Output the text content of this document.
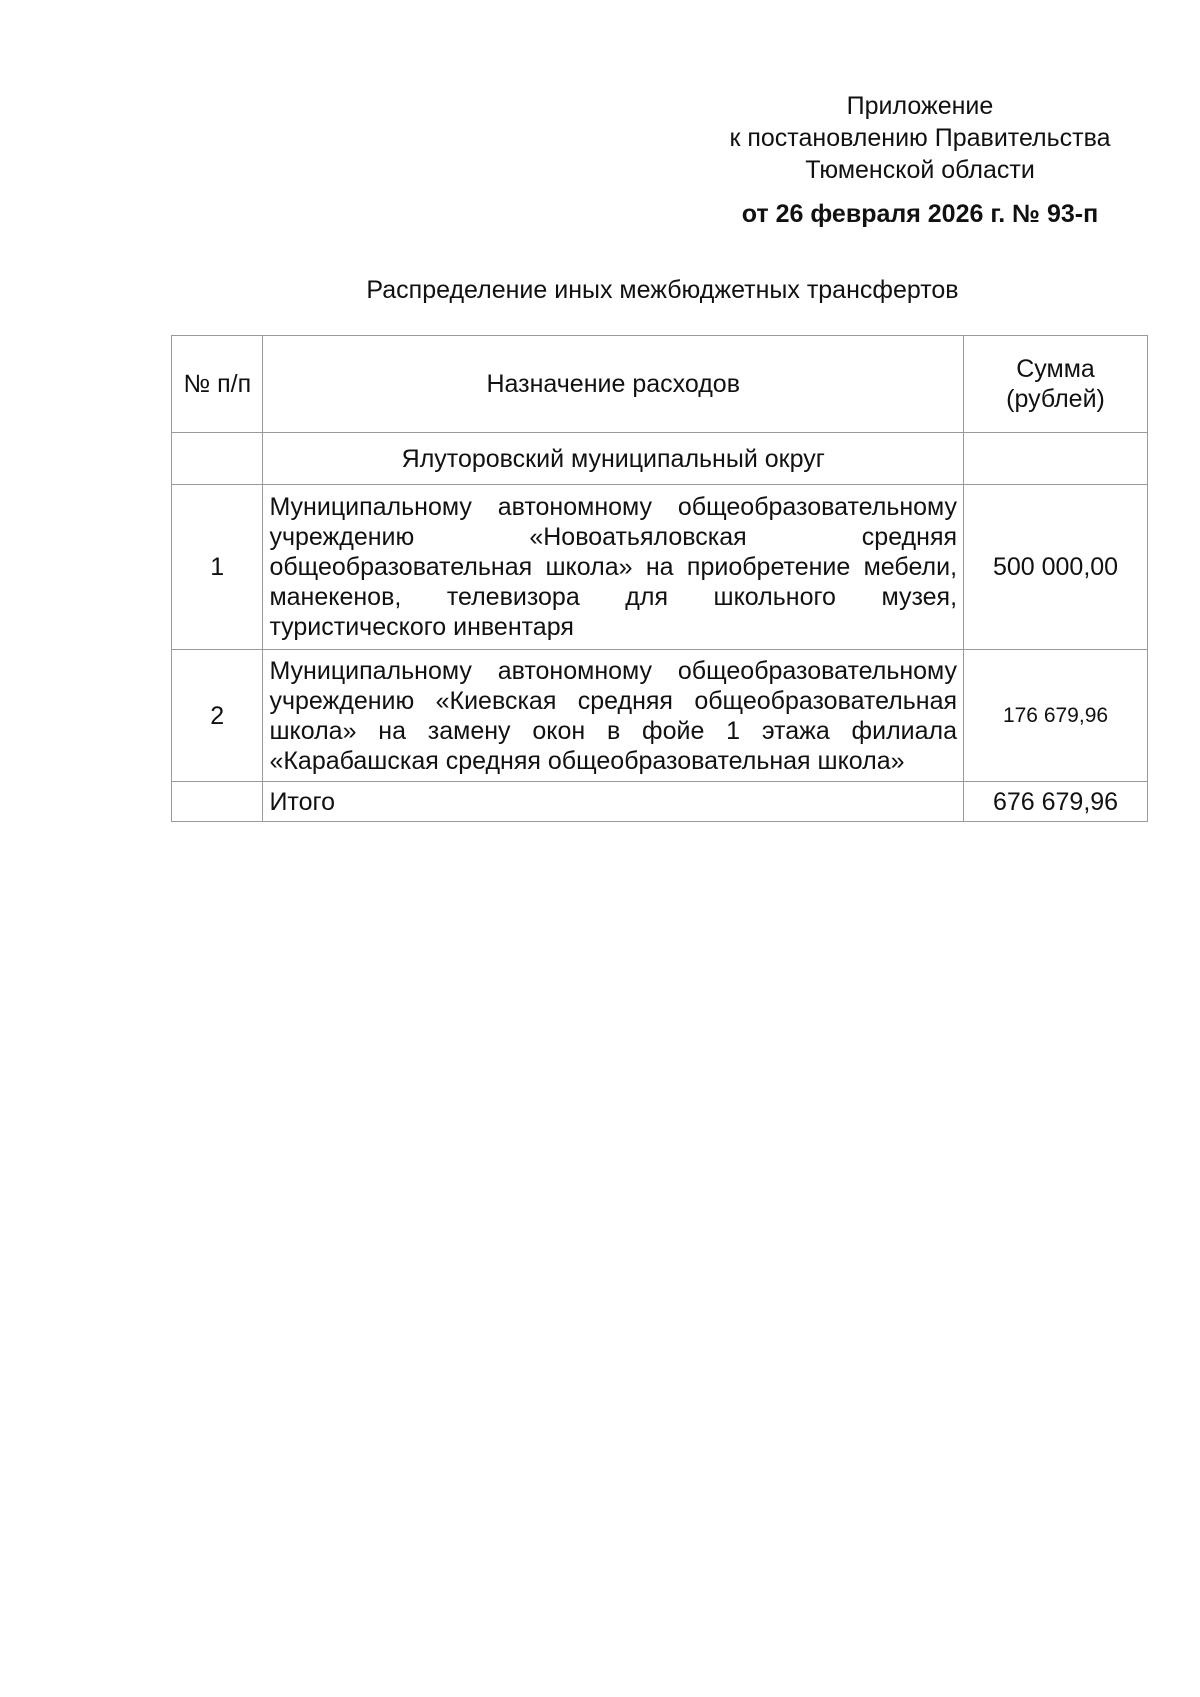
Приложение
к постановлению Правительства
Тюменской области
от 26 февраля 2026 г. № 93-п
Распределение иных межбюджетных трансфертов
№ п/п	Назначение расходов	Сумма (рублей)
	Ялуторовский муниципальный округ	
1	Муниципальному автономному общеобразовательному учреждению «Новоатьяловская средняя общеобразовательная школа» на приобретение мебели, манекенов, телевизора для школьного музея, туристического инвентаря	500 000,00
2	Муниципальному автономному общеобразовательному учреждению «Киевская средняя общеобразовательная школа» на замену окон в фойе 1 этажа филиала «Карабашская средняя общеобразовательная школа»	176 679,96
	Итого	676 679,96
